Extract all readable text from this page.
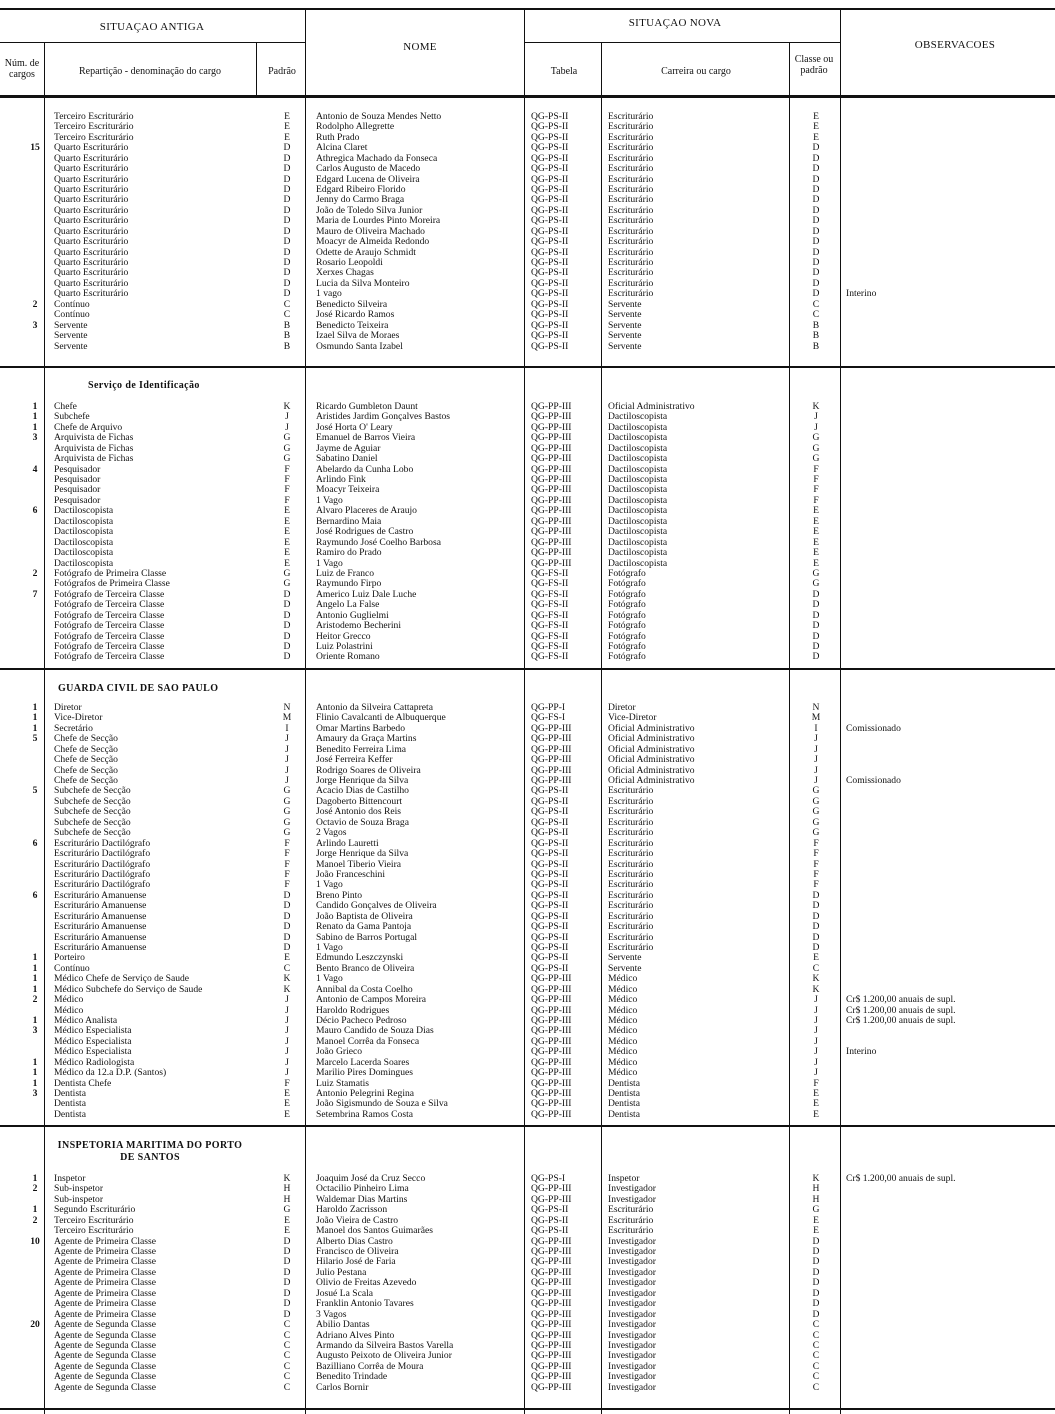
SITUAÇAO ANTIGA
NOME
SITUAÇAO NOVA
OBSERVACOES
Núm. de cargos	Repartição - denominação do cargo	Padrão	Tabela	Carreira ou cargo
Classe ou padrão
Terceiro Escriturário	E	Antonio de Souza Mendes Netto	QG-PS-II	Escriturário	E
Terceiro Escriturário	E	Rodolpho Allegrette	QG-PS-II	Escriturário	E
Terceiro Escriturário	E	Ruth Prado	QG-PS-II	Escriturário	E
15	Quarto Escriturário	D	Alcina Claret	QG-PS-II	Escriturário	D
Quarto Escriturário	D	Athregica Machado da Fonseca	QG-PS-II	Escriturário	D
Quarto Escriturário	D	Carlos Augusto de Macedo	QG-PS-II	Escriturário	D
Quarto Escriturário	D	Edgard Lucena de Oliveira	QG-PS-II	Escriturário	D
Quarto Escriturário	D	Edgard Ribeiro Florido	QG-PS-II	Escriturário	D
Quarto Escriturário	D	Jenny do Carmo Braga	QG-PS-II	Escriturário	D
Quarto Escriturário	D	João de Toledo Silva Junior	QG-PS-II	Escriturário	D
Quarto Escriturário	D	Maria de Lourdes Pinto Moreira	QG-PS-II	Escriturário	D
Quarto Escriturário	D	Mauro de Oliveira Machado	QG-PS-II	Escriturário	D
Quarto Escriturário	D	Moacyr de Almeida Redondo	QG-PS-II	Escriturário	D
Quarto Escriturário	D	Odette de Araujo Schmidt	QG-PS-II	Escriturário	D
Quarto Escriturário	D	Rosario Leopoldi	QG-PS-II	Escriturário	D
Quarto Escriturário	D	Xerxes Chagas	QG-PS-II	Escriturário	D
Quarto Escriturário	D	Lucia da Silva Monteiro	QG-PS-II	Escriturário	D
Quarto Escriturário	D	1 vago	QG-PS-II	Escriturário	D	Interino
2	Contínuo	C	Benedicto Silveira	QG-PS-II	Servente	C
Contínuo	C	José Ricardo Ramos	QG-PS-II	Servente	C
3	Servente	B	Benedicto Teixeira	QG-PS-II	Servente	B
Servente	B	Izael Silva de Moraes	QG-PS-II	Servente	B
Servente	B	Osmundo Santa Izabel	QG-PS-II	Servente	B
Serviço de Identificação
1	Chefe	K	Ricardo Gumbleton Daunt	QG-PP-III	Oficial Administrativo	K
1	Subchefe	J	Aristides Jardim Gonçalves Bastos	QG-PP-III	Dactiloscopista	J
1	Chefe de Arquivo	J	José Horta O' Leary	QG-PP-III	Dactiloscopista	J
3	Arquivista de Fichas	G	Emanuel de Barros Vieira	QG-PP-III	Dactiloscopista	G
Arquivista de Fichas	G	Jayme de Aguiar	QG-PP-III	Dactiloscopista	G
Arquivista de Fichas	G	Sabatino Daniel	QG-PP-III	Dactiloscopista	G
4	Pesquisador	F	Abelardo da Cunha Lobo	QG-PP-III	Dactiloscopista	F
Pesquisador	F	Arlindo Fink	QG-PP-III	Dactiloscopista	F
Pesquisador	F	Moacyr Teixeira	QG-PP-III	Dactiloscopista	F
Pesquisador	F	1 Vago	QG-PP-III	Dactiloscopista	F
6	Dactiloscopista	E	Alvaro Placeres de Araujo	QG-PP-III	Dactiloscopista	E
Dactiloscopista	E	Bernardino Maia	QG-PP-III	Dactiloscopista	E
Dactiloscopista	E	José Rodrigues de Castro	QG-PP-III	Dactiloscopista	E
Dactiloscopista	E	Raymundo José Coelho Barbosa	QG-PP-III	Dactiloscopista	E
Dactiloscopista	E	Ramiro do Prado	QG-PP-III	Dactiloscopista	E
Dactiloscopista	E	1 Vago	QG-PP-III	Dactiloscopista	E
2	Fotógrafo de Primeira Classe	G	Luiz de Franco	QG-FS-II	Fotógrafo	G
Fotógrafos de Primeira Classe	G	Raymundo Firpo	QG-FS-II	Fotógrafo	G
7	Fotógrafo de Terceira Classe	D	Americo Luiz Dale Luche	QG-FS-II	Fotógrafo	D
Fotógrafo de Terceira Classe	D	Angelo La False	QG-FS-II	Fotógrafo	D
Fotógrafo de Terceira Classe	D	Antonio Guglielmi	QG-FS-II	Fotógrafo	D
Fotógrafo de Terceira Classe	D	Aristodemo Becherini	QG-FS-II	Fotógrafo	D
Fotógrafo de Terceira Classe	D	Heitor Grecco	QG-FS-II	Fotógrafo	D
Fotógrafo de Terceira Classe	D	Luiz Polastrini	QG-FS-II	Fotógrafo	D
Fotógrafo de Terceira Classe	D	Oriente Romano	QG-FS-II	Fotógrafo	D
GUARDA CIVIL DE SAO PAULO
1	Diretor	N	Antonio da Silveira Cattapreta	QG-PP-I	Diretor	N
1	Vice-Diretor	M	Flinio Cavalcanti de Albuquerque	QG-FS-I	Vice-Diretor	M
1	Secretário	I	Omar Martins Barbedo	QG-PP-III	Oficial Administrativo	I	Comissionado
5	Chefe de Secção	J	Amaury da Graça Martins	QG-PP-III	Oficial Administrativo	J
Chefe de Secção	J	Benedito Ferreira Lima	QG-PP-III	Oficial Administrativo	J
Chefe de Secção	J	José Ferreira Keffer	QG-PP-III	Oficial Administrativo	J
Chefe de Secção	J	Rodrigo Soares de Oliveira	QG-PP-III	Oficial Administrativo	J
Chefe de Secção	J	Jorge Henrique da Silva	QG-PP-III	Oficial Administrativo	J	Comissionado
5	Subchefe de Secção	G	Acacio Dias de Castilho	QG-PS-II	Escriturário	G
Subchefe de Secção	G	Dagoberto Bittencourt	QG-PS-II	Escriturário	G
Subchefe de Secção	G	José Antonio dos Reis	QG-PS-II	Escriturário	G
Subchefe de Secção	G	Octavio de Souza Braga	QG-PS-II	Escriturário	G
Subchefe de Secção	G	2 Vagos	QG-PS-II	Escriturário	G
6	Escriturário Dactilógrafo	F	Arlindo Lauretti	QG-PS-II	Escriturário	F
Escriturário Dactilógrafo	F	Jorge Henrique da Silva	QG-PS-II	Escriturário	F
Escriturário Dactilógrafo	F	Manoel Tiberio Vieira	QG-PS-II	Escriturário	F
Escriturário Dactilógrafo	F	João Franceschini	QG-PS-II	Escriturário	F
Escriturário Dactilógrafo	F	1 Vago	QG-PS-II	Escriturário	F
6	Escriturário Amanuense	D	Breno Pinto	QG-PS-II	Escriturário	D
Escriturário Amanuense	D	Candido Gonçalves de Oliveira	QG-PS-II	Escriturário	D
Escriturário Amanuense	D	João Baptista de Oliveira	QG-PS-II	Escriturário	D
Escriturário Amanuense	D	Renato da Gama Pantoja	QG-PS-II	Escriturário	D
Escriturário Amanuense	D	Sabino de Barros Portugal	QG-PS-II	Escriturário	D
Escriturário Amanuense	D	1 Vago	QG-PS-II	Escriturário	D
1	Porteiro	E	Edmundo Leszczynski	QG-PS-II	Servente	E
1	Contínuo	C	Bento Branco de Oliveira	QG-PS-II	Servente	C
1	Médico Chefe de Serviço de Saude	K	1 Vago	QG-PP-III	Médico	K
1	Médico Subchefe do Serviço de Saude	K	Annibal da Costa Coelho	QG-PP-III	Médico	K
2	Médico	J	Antonio de Campos Moreira	QG-PP-III	Médico	J	Cr$ 1.200,00 anuais de supl.
Médico	J	Haroldo Rodrigues	QG-PP-III	Médico	J	Cr$ 1.200,00 anuais de supl.
1	Médico Analista	J	Décio Pacheco Pedroso	QG-PP-III	Médico	J	Cr$ 1.200,00 anuais de supl.
3	Médico Especialista	J	Mauro Candido de Souza Dias	QG-PP-III	Médico	J
Médico Especialista	J	Manoel Corrêa da Fonseca	QG-PP-III	Médico	J
Médico Especialista	J	João Grieco	QG-PP-III	Médico	J	Interino
1	Médico Radiologista	J	Marcelo Lacerda Soares	QG-PP-III	Médico	J
1	Médico da 12.a D.P. (Santos)	J	Marilio Pires Domingues	QG-PP-III	Médico	J
1	Dentista Chefe	F	Luiz Stamatis	QG-PP-III	Dentista	F
3	Dentista	E	Antonio Pelegrini Regina	QG-PP-III	Dentista	E
Dentista	E	João Sigismundo de Souza e Silva	QG-PP-III	Dentista	E
Dentista	E	Setembrina Ramos Costa	QG-PP-III	Dentista	E
INSPETORIA MARITIMA DO PORTO DE SANTOS
1	Inspetor	K	Joaquim José da Cruz Secco	QG-PS-I	Inspetor	K	Cr$ 1.200,00 anuais de supl.
2	Sub-inspetor	H	Octacilio Pinheiro Lima	QG-PP-III	Investigador	H
Sub-inspetor	H	Waldemar Dias Martins	QG-PP-III	Investigador	H
1	Segundo Escriturário	G	Haroldo Zacrisson	QG-PS-II	Escriturário	G
2	Terceiro Escriturário	E	João Vieira de Castro	QG-PS-II	Escriturário	E
Terceiro Escriturário	E	Manoel dos Santos Guimarães	QG-PS-II	Escriturário	E
10	Agente de Primeira Classe	D	Alberto Dias Castro	QG-PP-III	Investigador	D
Agente de Primeira Classe	D	Francisco de Oliveira	QG-PP-III	Investigador	D
Agente de Primeira Classe	D	Hilario José de Faria	QG-PP-III	Investigador	D
Agente de Primeira Classe	D	Julio Pestana	QG-PP-III	Investigador	D
Agente de Primeira Classe	D	Olivio de Freitas Azevedo	QG-PP-III	Investigador	D
Agente de Primeira Classe	D	Josué La Scala	QG-PP-III	Investigador	D
Agente de Primeira Classe	D	Franklin Antonio Tavares	QG-PP-III	Investigador	D
Agente de Primeira Classe	D	3 Vagos	QG-PP-III	Investigador	D
20	Agente de Segunda Classe	C	Abilio Dantas	QG-PP-III	Investigador	C
Agente de Segunda Classe	C	Adriano Alves Pinto	QG-PP-III	Investigador	C
Agente de Segunda Classe	C	Armando da Silveira Bastos Varella	QG-PP-III	Investigador	C
Agente de Segunda Classe	C	Augusto Peixoto de Oliveira Junior	QG-PP-III	Investigador	C
Agente de Segunda Classe	C	Bazilliano Corrêa de Moura	QG-PP-III	Investigador	C
Agente de Segunda Classe	C	Benedito Trindade	QG-PP-III	Investigador	C
Agente de Segunda Classe	C	Carlos Bornir	QG-PP-III	Investigador	C
